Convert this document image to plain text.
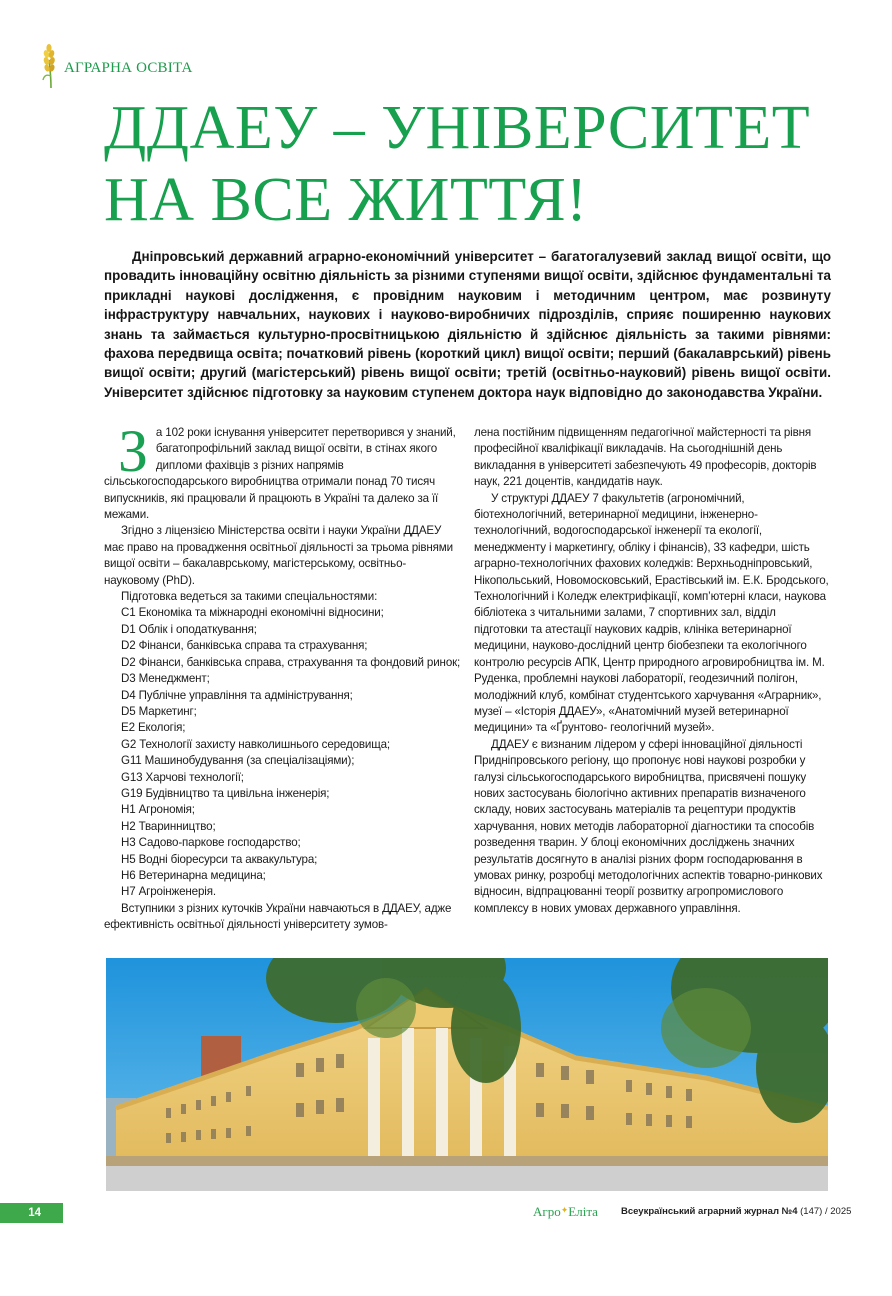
АГРАРНА ОСВІТА
ДДАЕУ – УНІВЕРСИТЕТ
НА ВСЕ ЖИТТЯ!

Дніпровський державний аграрно-економічний університет – багатогалузевий заклад вищої освіти, що провадить інноваційну освітню діяльність за різними ступенями вищої освіти, здійснює фундаментальні та прикладні наукові дослідження, є провідним науковим і методичним центром, має розвинуту інфраструктуру навчальних, наукових і науково-виробничих підрозділів, сприяє поширенню наукових знань та займається культурно-просвітницькою діяльністю й здійснює діяльність за такими рівнями: фахова передвища освіта; початковий рівень (короткий цикл) вищої освіти; перший (бакалаврський) рівень вищої освіти; другий (магістерський) рівень вищої освіти; третій (освітньо-науковий) рівень вищої освіти. Університет здійснює підготовку за науковим ступенем доктора наук відповідно до законодавства України.

За 102 роки існування університет перетворився у знаний, багатопрофільний заклад вищої освіти, в стінах якого дипломи фахівців з різних напрямів сільськогосподарського виробництва отримали понад 70 тисяч випускників, які працювали й працюють в Україні та далеко за її межами.

Згідно з ліцензією Міністерства освіти і науки України ДДАЕУ має право на провадження освітньої діяльності за трьома рівнями вищої освіти – бакалаврському, магістерському, освітньо-науковому (PhD).

Підготовка ведеться за такими спеціальностями:

С1 Економіка та міжнародні економічні відносини;
D1 Облік і оподаткування;
D2 Фінанси, банківська справа та страхування;
D2 Фінанси, банківська справа, страхування та фондовий ринок;
D3 Менеджмент;
D4 Публічне управління та адміністрування;
D5 Маркетинг;
E2 Екологія;
G2 Технології захисту навколишнього середовища;
G11 Машинобудування (за спеціалізаціями);
G13 Харчові технології;
G19 Будівництво та цивільна інженерія;
H1 Агрономія;
H2 Тваринництво;
H3 Садово-паркове господарство;
H5 Водні біоресурси та аквакультура;
H6 Ветеринарна медицина;
H7 Агроінженерія.

Вступники з різних куточків України навчаються в ДДАЕУ, адже ефективність освітньої діяльності університету зумов-

лена постійним підвищенням педагогічної майстерності та рівня професійної кваліфікації викладачів. На сьогоднішній день викладання в університеті забезпечують 49 професорів, докторів наук, 221 доцентів, кандидатів наук.

У структурі ДДАЕУ 7 факультетів (агрономічний, біотехнологічний, ветеринарної медицини, інженерно-технологічний, водогосподарської інженерії та екології, менеджменту і маркетингу, обліку і фінансів), 33 кафедри, шість аграрно-технологічних фахових коледжів: Верхньодніпровський, Нікопольський, Новомосковський, Ерастівський ім. Е.К. Бродського, Технологічний і Коледж електрифікації, комп’ютерні класи, наукова бібліотека з читальними залами, 7 спортивних зал, відділ підготовки та атестації наукових кадрів, клініка ветеринарної медицини, науково-дослідний центр біобезпеки та екологічного контролю ресурсів АПК, Центр природного агровиробництва ім. М. Руденка, проблемні наукові лабораторії, геодезичний полігон, молодіжний клуб, комбінат студентського харчування «Аграрник», музеї – «Історія ДДАЕУ», «Анатомічний музей ветеринарної медицини» та «Ґрунтово- геологічний музей».

ДДАЕУ є визнаним лідером у сфері інноваційної діяльності Придніпровського регіону, що пропонує нові наукові розробки у галузі сільськогосподарського виробництва, присвячені пошуку нових застосувань біологічно активних препаратів визначеного складу, нових застосувань матеріалів та рецептури продуктів харчування, нових методів лабораторної діагностики та способів розведення тварин. У блоці економічних досліджень значних результатів досягнуто в аналізі різних форм господарювання в умовах ринку, розробці методологічних аспектів товарно-ринкових відносин, відпрацюванні теорії розвитку агропромислового комплексу в нових умовах державного управління.

14	Агро✦Еліта Всеукраїнський аграрний журнал №4 (147) / 2025
